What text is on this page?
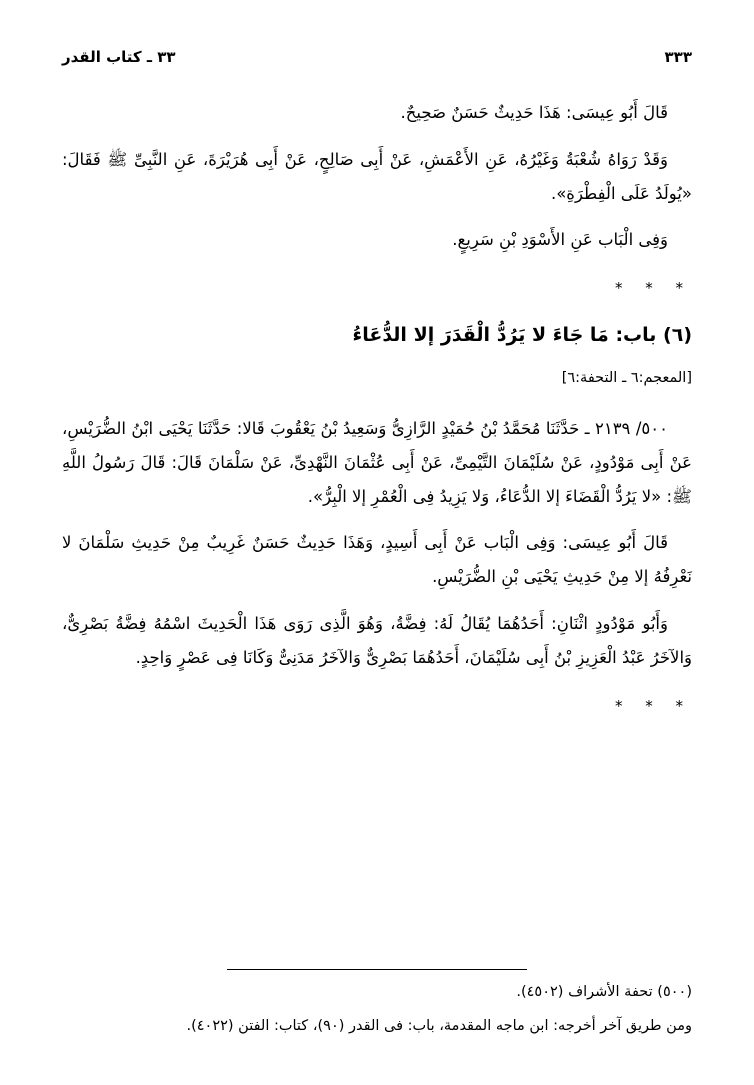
٣٣٣
٣٣ ـ كتاب القدر

قَالَ أَبُو عِيسَى: هَذَا حَدِيثٌ حَسَنٌ صَحِيحٌ.

وَقَدْ رَوَاهُ شُعْبَةُ وَغَيْرُهُ، عَنِ الأَعْمَشِ، عَنْ أَبِى صَالِحٍ، عَنْ أَبِى هُرَيْرَةَ، عَنِ النَّبِىِّ ﷺ فَقَالَ: «يُولَدُ عَلَى الْفِطْرَةِ».

وَفِى الْبَاب عَنِ الأَسْوَدِ بْنِ سَرِيعٍ.

* * *
(٦) باب: مَا جَاءَ لا يَرُدُّ الْقَدَرَ إلا الدُّعَاءُ
[المعجم:٦ ـ التحفة:٦]

٥٠٠/ ٢١٣٩ ـ حَدَّثَنَا مُحَمَّدُ بْنُ حُمَيْدٍ الرَّازِىُّ وَسَعِيدُ بْنُ يَعْقُوبَ قَالا: حَدَّثَنَا يَحْيَى ابْنُ الضُّرَيْسِ، عَنْ أَبِى مَوْدُودٍ، عَنْ سُلَيْمَانَ التَّيْمِىِّ، عَنْ أَبِى عُثْمَانَ النَّهْدِىِّ، عَنْ سَلْمَانَ قَالَ: قَالَ رَسُولُ اللَّهِ ﷺ: «لا يَرُدُّ الْقَضَاءَ إلا الدُّعَاءُ، وَلا يَزِيدُ فِى الْعُمْرِ إلا الْبِرُّ».

قَالَ أَبُو عِيسَى: وَفِى الْبَاب عَنْ أَبِى أَسِيدٍ، وَهَذَا حَدِيثٌ حَسَنٌ غَرِيبٌ مِنْ حَدِيثِ سَلْمَانَ لا نَعْرِفُهُ إلا مِنْ حَدِيثِ يَحْيَى بْنِ الضُّرَيْسِ.

وَأَبُو مَوْدُودٍ اثْنَانِ: أَحَدُهُمَا يُقَالُ لَهُ: فِضَّةُ، وَهُوَ الَّذِى رَوَى هَذَا الْحَدِيثَ اسْمُهُ فِضَّةُ بَصْرِىٌّ، وَالآخَرُ عَبْدُ الْعَزِيزِ بْنُ أَبِى سُلَيْمَانَ، أَحَدُهُمَا بَصْرِىٌّ وَالآخَرُ مَدَنِىٌّ وَكَانَا فِى عَصْرٍ وَاحِدٍ.

* * *

(٥٠٠) تحفة الأشراف (٤٥٠٢).

ومن طريق آخر أخرجه: ابن ماجه المقدمة، باب: فى القدر (٩٠)، كتاب: الفتن (٤٠٢٢).
